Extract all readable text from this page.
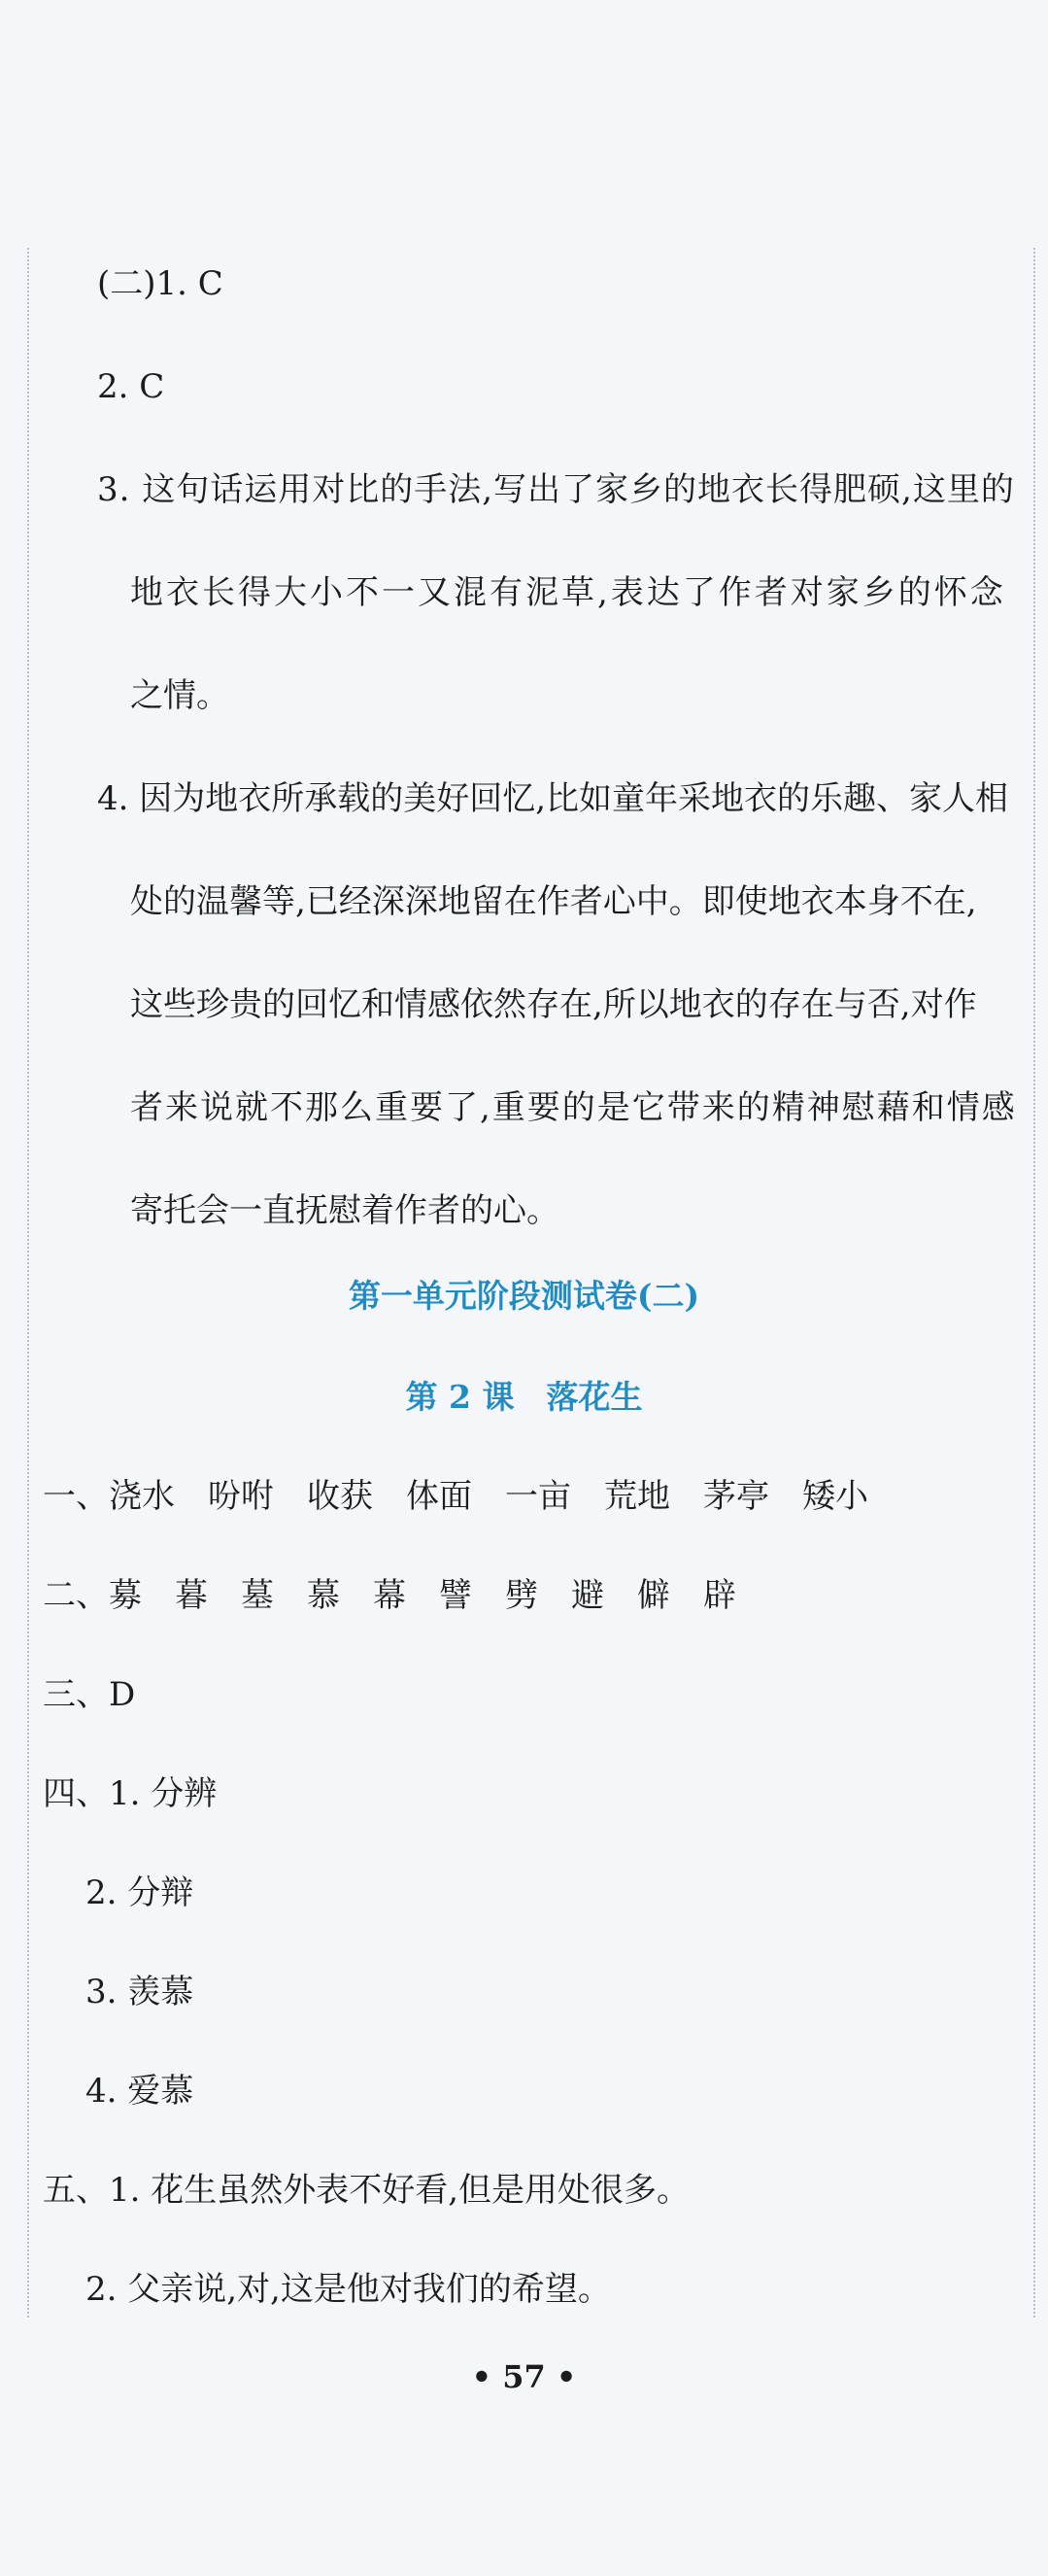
(二)1. C
2. C
3. 这句话运用对比的手法,写出了家乡的地衣长得肥硕,这里的
地衣长得大小不一又混有泥草,表达了作者对家乡的怀念
之情。
4. 因为地衣所承载的美好回忆,比如童年采地衣的乐趣、家人相
处的温馨等,已经深深地留在作者心中。即使地衣本身不在,
这些珍贵的回忆和情感依然存在,所以地衣的存在与否,对作
者来说就不那么重要了,重要的是它带来的精神慰藉和情感
寄托会一直抚慰着作者的心。
第一单元阶段测试卷(二)
第 2 课　落花生
一、浇水　吩咐　收获　体面　一亩　荒地　茅亭　矮小
二、募　暮　墓　慕　幕　譬　劈　避　僻　辟
三、D
四、1. 分辨
2. 分辩
3. 羡慕
4. 爱慕
五、1. 花生虽然外表不好看,但是用处很多。
2. 父亲说,对,这是他对我们的希望。
• 57 •
